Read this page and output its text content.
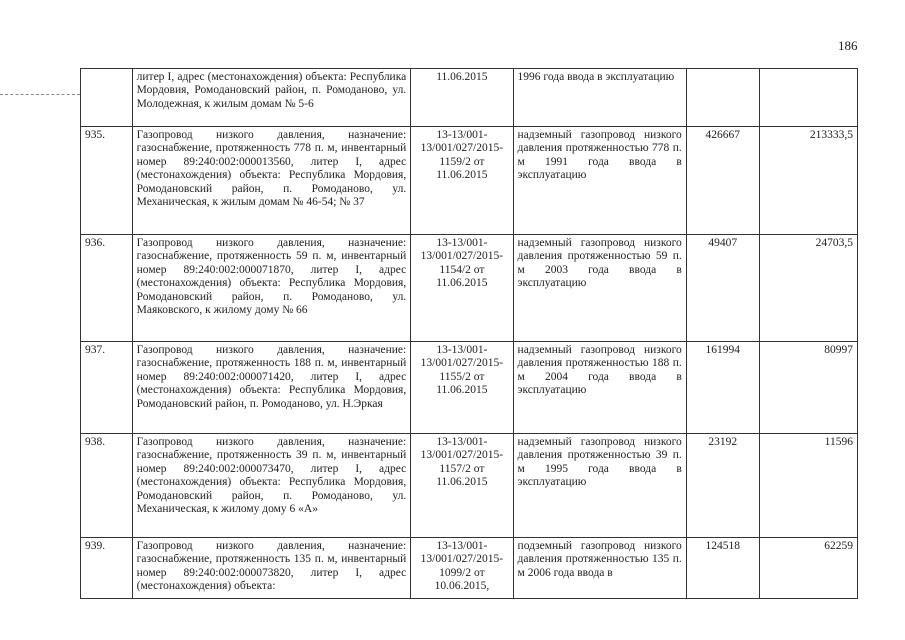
186
	литер I, адрес (местонахождения) объекта: Республика Мордовия, Ромодановский район, п. Ромоданово, ул. Молодежная, к жилым домам № 5-6	11.06.2015	1996 года ввода в эксплуатацию		
935.	Газопровод низкого давления, назначение: газоснабжение, протяженность 778 п. м, инвентарный номер 89:240:002:000013560, литер I, адрес (местонахождения) объекта: Республика Мордовия, Ромодановский район, п. Ромоданово, ул. Механическая, к жилым домам № 46-54; № 37	13-13/001-13/001/027/2015-1159/2 от 11.06.2015	надземный газопровод низкого давления протяженностью 778 п. м 1991 года ввода в эксплуатацию	426667	213333,5
936.	Газопровод низкого давления, назначение: газоснабжение, протяженность 59 п. м, инвентарный номер 89:240:002:000071870, литер I, адрес (местонахождения) объекта: Республика Мордовия, Ромодановский район, п. Ромоданово, ул. Маяковского, к жилому дому № 66	13-13/001-13/001/027/2015-1154/2 от 11.06.2015	надземный газопровод низкого давления протяженностью 59 п. м 2003 года ввода в эксплуатацию	49407	24703,5
937.	Газопровод низкого давления, назначение: газоснабжение, протяженность 188 п. м, инвентарный номер 89:240:002:000071420, литер I, адрес (местонахождения) объекта: Республика Мордовия, Ромодановский район, п. Ромоданово, ул. Н.Эркая	13-13/001-13/001/027/2015-1155/2 от 11.06.2015	надземный газопровод низкого давления протяженностью 188 п. м 2004 года ввода в эксплуатацию	161994	80997
938.	Газопровод низкого давления, назначение: газоснабжение, протяженность 39 п. м, инвентарный номер 89:240:002:000073470, литер I, адрес (местонахождения) объекта: Республика Мордовия, Ромодановский район, п. Ромоданово, ул. Механическая, к жилому дому 6 «А»	13-13/001-13/001/027/2015-1157/2 от 11.06.2015	надземный газопровод низкого давления протяженностью 39 п. м 1995 года ввода в эксплуатацию	23192	11596
939.	Газопровод низкого давления, назначение: газоснабжение, протяженность 135 п. м, инвентарный номер 89:240:002:000073820, литер I, адрес (местонахождения) объекта:	13-13/001-13/001/027/2015-1099/2 от 10.06.2015,	подземный газопровод низкого давления протяженностью 135 п. м 2006 года ввода в	124518	62259
